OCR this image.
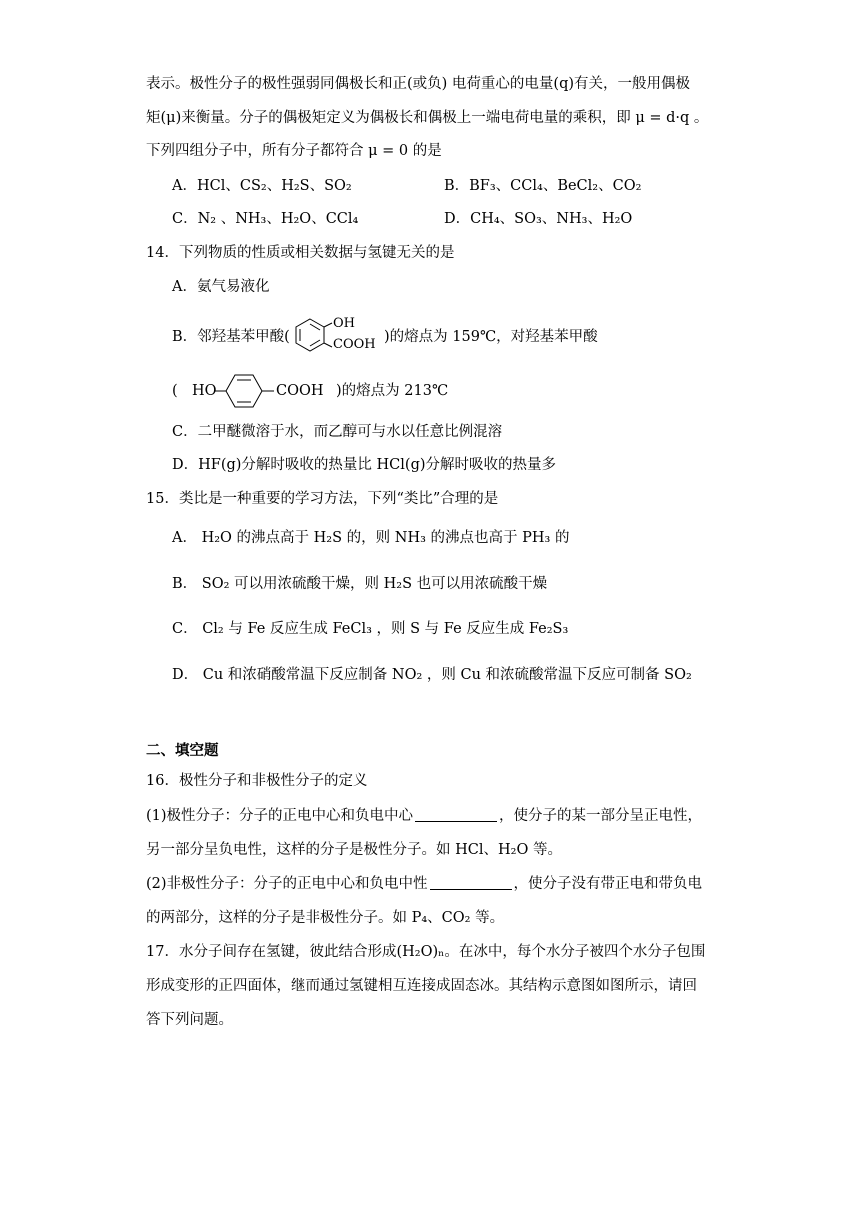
表示。极性分子的极性强弱同偶极长和正(或负) 电荷重心的电量(q)有关，一般用偶极
矩(μ)来衡量。分子的偶极矩定义为偶极长和偶极上一端电荷电量的乘积，即 μ = d·q 。
下列四组分子中，所有分子都符合 μ = 0 的是
A．HCl、CS₂、H₂S、SO₂	B．BF₃、CCl₄、BeCl₂、CO₂
C．N₂ 、NH₃、H₂O、CCl₄	D．CH₄、SO₃、NH₃、H₂O
14．下列物质的性质或相关数据与氢键无关的是
A．氨气易液化
B．邻羟基苯甲酸(
OH
COOH )的熔点为 159℃，对羟基苯甲酸
( HO	COOH )的熔点为 213℃
C．二甲醚微溶于水，而乙醇可与水以任意比例混溶
D．HF(g)分解时吸收的热量比 HCl(g)分解时吸收的热量多
15．类比是一种重要的学习方法，下列“类比”合理的是
A． H₂O 的沸点高于 H₂S 的，则 NH₃ 的沸点也高于 PH₃ 的
B． SO₂ 可以用浓硫酸干燥，则 H₂S 也可以用浓硫酸干燥
C． Cl₂ 与 Fe 反应生成 FeCl₃ ，则 S 与 Fe 反应生成 Fe₂S₃
D． Cu 和浓硝酸常温下反应制备 NO₂ ，则 Cu 和浓硫酸常温下反应可制备 SO₂
二、填空题
16．极性分子和非极性分子的定义
(1)极性分子：分子的正电中心和负电中心	，使分子的某一部分呈正电性，
另一部分呈负电性，这样的分子是极性分子。如 HCl、H₂O 等。
(2)非极性分子：分子的正电中心和负电中性	，使分子没有带正电和带负电
的两部分，这样的分子是非极性分子。如 P₄、CO₂ 等。
17．水分子间存在氢键，彼此结合形成(H₂O)ₙ。在冰中，每个水分子被四个水分子包围
形成变形的正四面体，继而通过氢键相互连接成固态冰。其结构示意图如图所示，请回
答下列问题。
